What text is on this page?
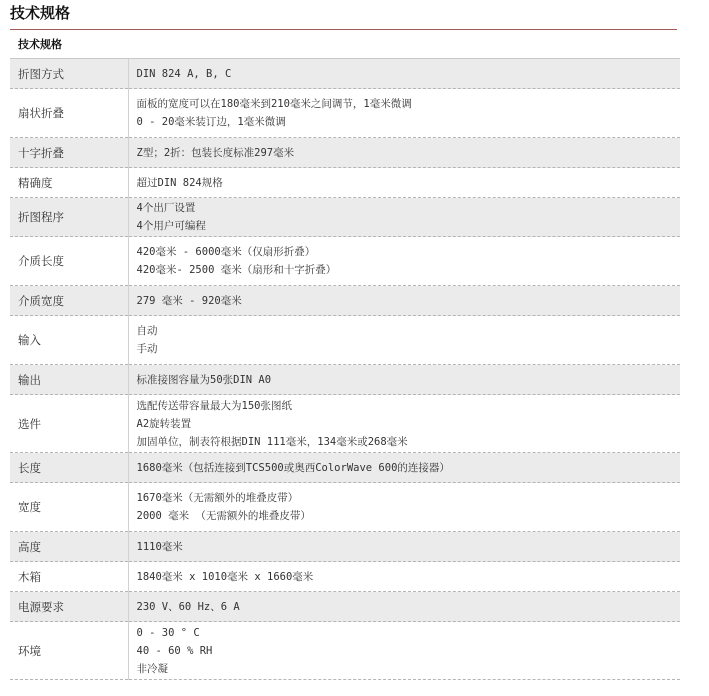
技术规格
技术规格	
折图方式	DIN 824 A, B, C

扇状折叠	面板的宽度可以在180毫米到210毫米之间调节，1毫米微调
0 - 20毫米装订边，1毫米微调

十字折叠	Z型；2折：包装长度标准297毫米

精确度	超过DIN 824规格

折图程序	4个出厂设置
4个用户可编程

介质长度	420毫米 - 6000毫米（仅扇形折叠）
420毫米- 2500 毫米（扇形和十字折叠）

介质宽度	279 毫米 - 920毫米

输入	自动
手动

输出	标准接图容量为50张DIN A0

选件	选配传送带容量最大为150张图纸
A2旋转装置
加固单位，制表符根据DIN 111毫米，134毫米或268毫米

长度	1680毫米（包括连接到TCS500或奥西ColorWave 600的连接器）

宽度	1670毫米（无需额外的堆叠皮带）
2000 毫米 （无需额外的堆叠皮带）

高度	1110毫米

木箱	1840毫米 x 1010毫米 x 1660毫米

电源要求	230 V、60 Hz、6 A

环境	0 - 30 ° C
40 - 60 % RH
非冷凝
